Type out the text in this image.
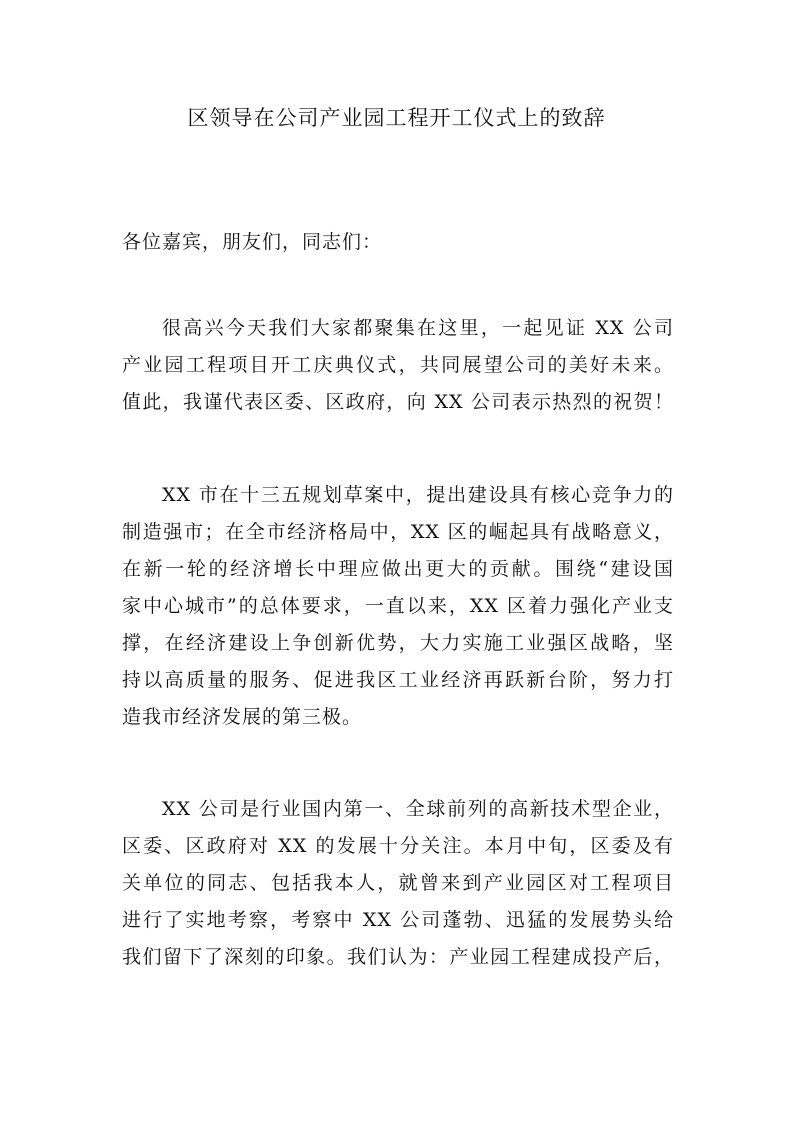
区领导在公司产业园工程开工仪式上的致辞

各位嘉宾，朋友们，同志们：

很高兴今天我们大家都聚集在这里，一起见证 XX 公司
产业园工程项目开工庆典仪式，共同展望公司的美好未来。
值此，我谨代表区委、区政府，向 XX 公司表示热烈的祝贺！

XX 市在十三五规划草案中，提出建设具有核心竞争力的
制造强市；在全市经济格局中，XX 区的崛起具有战略意义，
在新一轮的经济增长中理应做出更大的贡献。围绕“建设国
家中心城市”的总体要求，一直以来，XX 区着力强化产业支
撑，在经济建设上争创新优势，大力实施工业强区战略，坚
持以高质量的服务、促进我区工业经济再跃新台阶，努力打
造我市经济发展的第三极。

XX 公司是行业国内第一、全球前列的高新技术型企业，
区委、区政府对 XX 的发展十分关注。本月中旬，区委及有
关单位的同志、包括我本人，就曾来到产业园区对工程项目
进行了实地考察，考察中 XX 公司蓬勃、迅猛的发展势头给
我们留下了深刻的印象。我们认为：产业园工程建成投产后，
